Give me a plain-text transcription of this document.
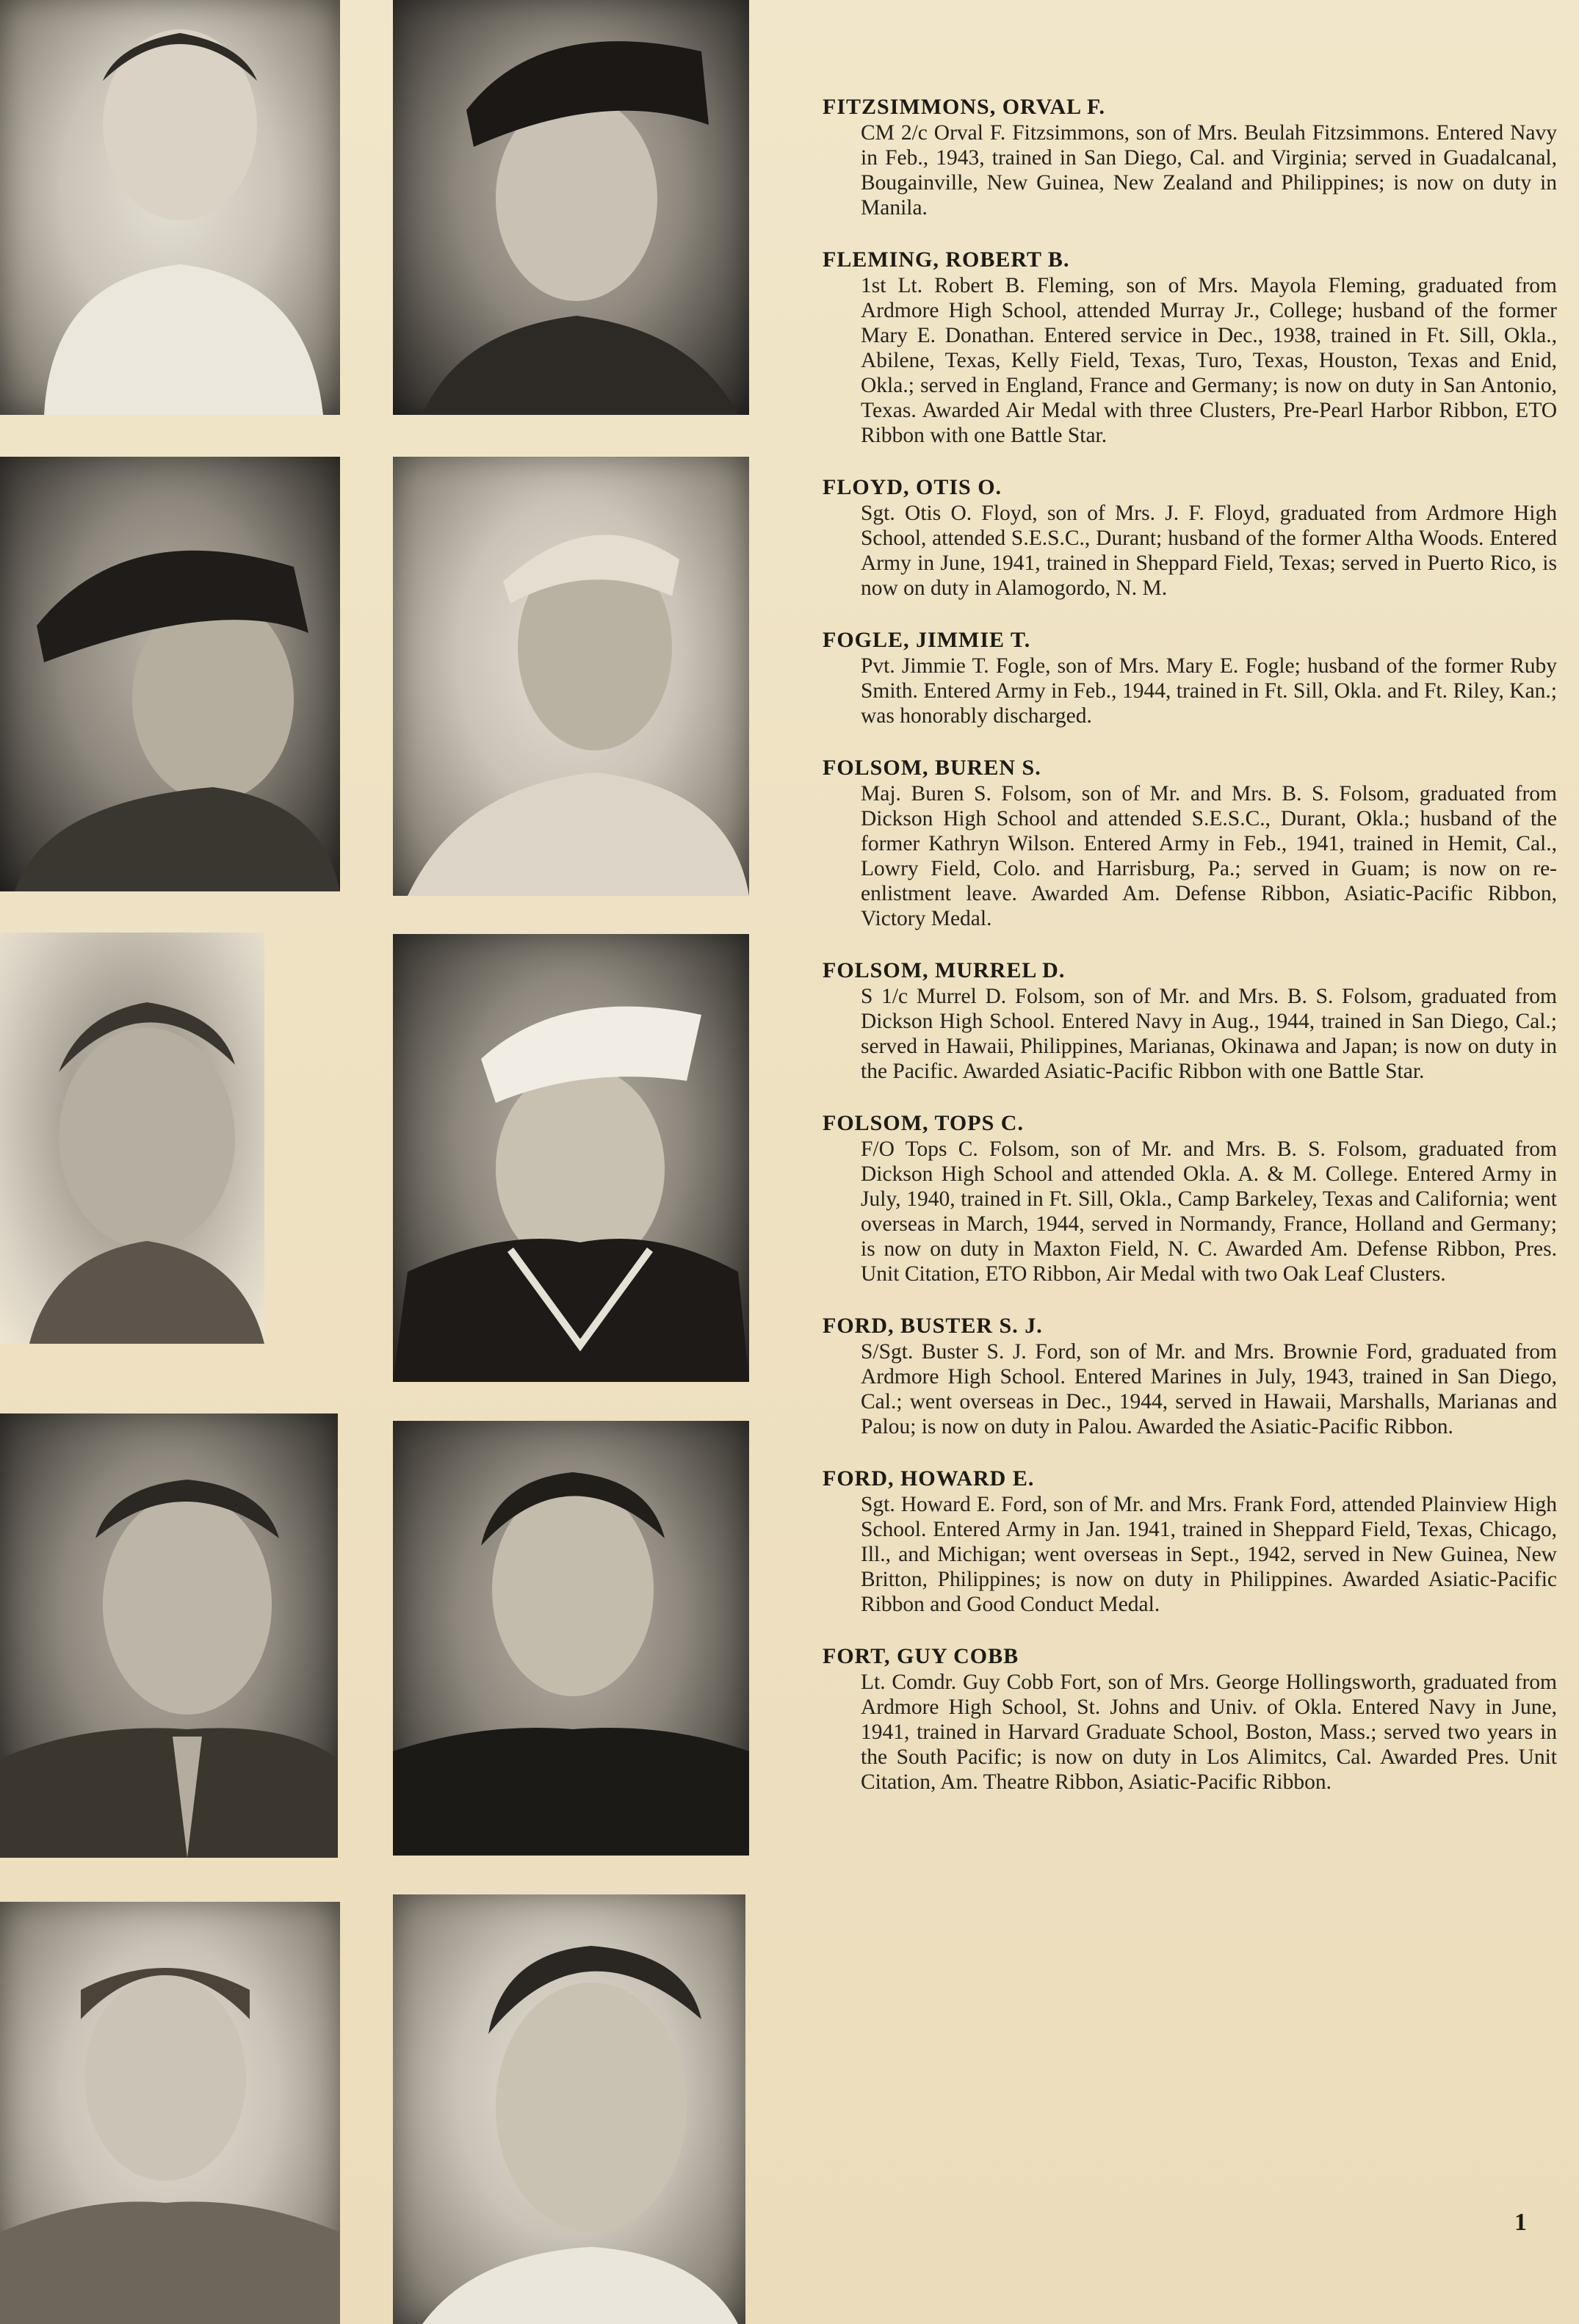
FITZSIMMONS, ORVAL F.

CM 2/c Orval F. Fitzsimmons, son of Mrs. Beulah Fitzsimmons. Entered Navy in Feb., 1943, trained in San Diego, Cal. and Virginia; served in Guadalcanal, Bougainville, New Guinea, New Zealand and Philippines; is now on duty in Manila.

FLEMING, ROBERT B.

1st Lt. Robert B. Fleming, son of Mrs. Mayola Fleming, graduated from Ardmore High School, attended Murray Jr., College; husband of the former Mary E. Donathan. Entered service in Dec., 1938, trained in Ft. Sill, Okla., Abilene, Texas, Kelly Field, Texas, Turo, Texas, Houston, Texas and Enid, Okla.; served in England, France and Germany; is now on duty in San Antonio, Texas. Awarded Air Medal with three Clusters, Pre-Pearl Harbor Ribbon, ETO Ribbon with one Battle Star.

FLOYD, OTIS O.

Sgt. Otis O. Floyd, son of Mrs. J. F. Floyd, graduated from Ardmore High School, attended S.E.S.C., Durant; husband of the former Altha Woods. Entered Army in June, 1941, trained in Sheppard Field, Texas; served in Puerto Rico, is now on duty in Alamogordo, N. M.

FOGLE, JIMMIE T.

Pvt. Jimmie T. Fogle, son of Mrs. Mary E. Fogle; husband of the former Ruby Smith. Entered Army in Feb., 1944, trained in Ft. Sill, Okla. and Ft. Riley, Kan.; was honorably discharged.

FOLSOM, BUREN S.

Maj. Buren S. Folsom, son of Mr. and Mrs. B. S. Folsom, graduated from Dickson High School and attended S.E.S.C., Durant, Okla.; husband of the former Kathryn Wilson. Entered Army in Feb., 1941, trained in Hemit, Cal., Lowry Field, Colo. and Harrisburg, Pa.; served in Guam; is now on re-enlistment leave. Awarded Am. Defense Ribbon, Asiatic-Pacific Ribbon, Victory Medal.

FOLSOM, MURREL D.

S 1/c Murrel D. Folsom, son of Mr. and Mrs. B. S. Folsom, graduated from Dickson High School. Entered Navy in Aug., 1944, trained in San Diego, Cal.; served in Hawaii, Philippines, Marianas, Okinawa and Japan; is now on duty in the Pacific. Awarded Asiatic-Pacific Ribbon with one Battle Star.

FOLSOM, TOPS C.

F/O Tops C. Folsom, son of Mr. and Mrs. B. S. Folsom, graduated from Dickson High School and attended Okla. A. & M. College. Entered Army in July, 1940, trained in Ft. Sill, Okla., Camp Barkeley, Texas and California; went overseas in March, 1944, served in Normandy, France, Holland and Germany; is now on duty in Maxton Field, N. C. Awarded Am. Defense Ribbon, Pres. Unit Citation, ETO Ribbon, Air Medal with two Oak Leaf Clusters.

FORD, BUSTER S. J.

S/Sgt. Buster S. J. Ford, son of Mr. and Mrs. Brownie Ford, graduated from Ardmore High School. Entered Marines in July, 1943, trained in San Diego, Cal.; went overseas in Dec., 1944, served in Hawaii, Marshalls, Marianas and Palou; is now on duty in Palou. Awarded the Asiatic-Pacific Ribbon.

FORD, HOWARD E.

Sgt. Howard E. Ford, son of Mr. and Mrs. Frank Ford, attended Plainview High School. Entered Army in Jan. 1941, trained in Sheppard Field, Texas, Chicago, Ill., and Michigan; went overseas in Sept., 1942, served in New Guinea, New Britton, Philippines; is now on duty in Philippines. Awarded Asiatic-Pacific Ribbon and Good Conduct Medal.

FORT, GUY COBB

Lt. Comdr. Guy Cobb Fort, son of Mrs. George Hollingsworth, graduated from Ardmore High School, St. Johns and Univ. of Okla. Entered Navy in June, 1941, trained in Harvard Graduate School, Boston, Mass.; served two years in the South Pacific; is now on duty in Los Alimitcs, Cal. Awarded Pres. Unit Citation, Am. Theatre Ribbon, Asiatic-Pacific Ribbon.

1
